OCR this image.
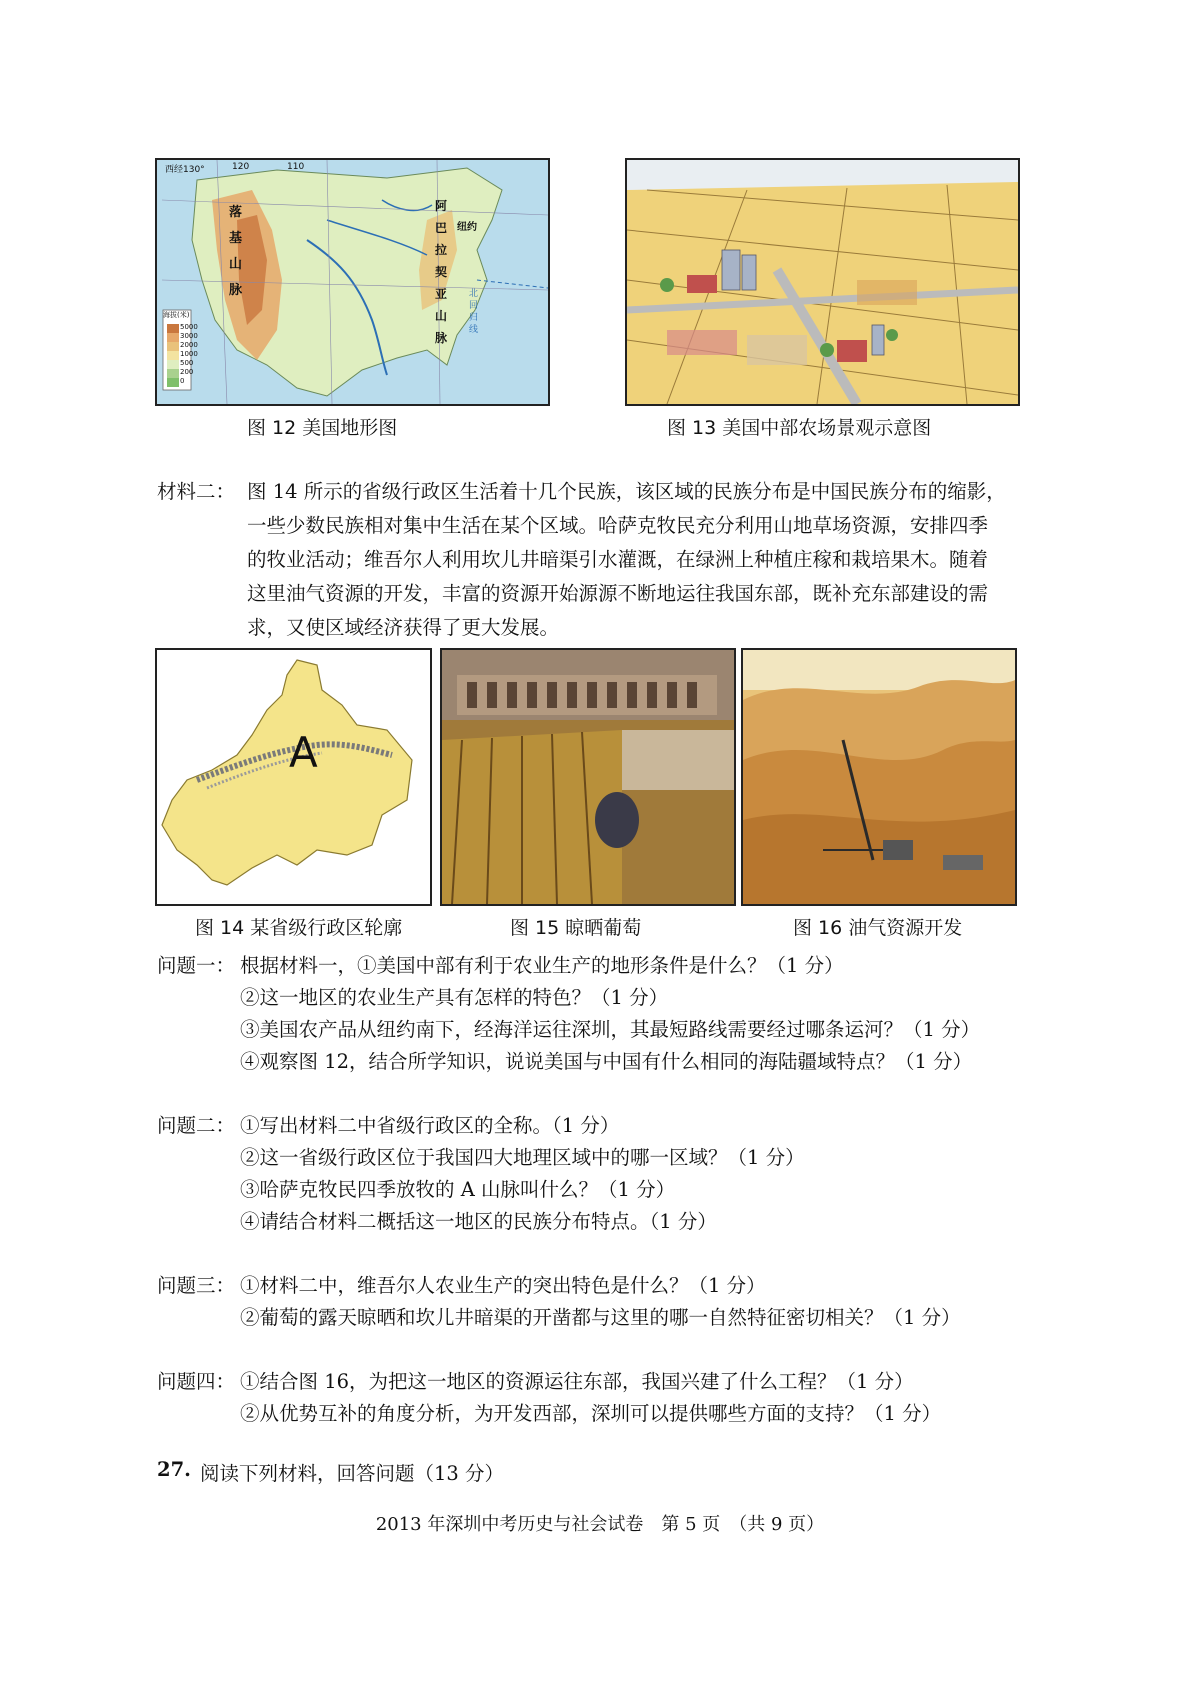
西经130°	120	110
落基山脉
阿巴拉契亚山脉
纽约
北回归线
海拔(米)
5000
3000
2000
1000
500
200
0
图 12 美国地形图	图 13 美国中部农场景观示意图
材料二： 图 14 所示的省级行政区生活着十几个民族，该区域的民族分布是中国民族分布的缩影，
一些少数民族相对集中生活在某个区域。哈萨克牧民充分利用山地草场资源，安排四季
的牧业活动；维吾尔人利用坎儿井暗渠引水灌溉，在绿洲上种植庄稼和栽培果木。随着
这里油气资源的开发，丰富的资源开始源源不断地运往我国东部，既补充东部建设的需
求，又使区域经济获得了更大发展。
A
图 14 某省级行政区轮廓	图 15 晾晒葡萄	图 16 油气资源开发
问题一： 根据材料一，①美国中部有利于农业生产的地形条件是什么？（1 分）
②这一地区的农业生产具有怎样的特色？（1 分）
③美国农产品从纽约南下，经海洋运往深圳，其最短路线需要经过哪条运河？（1 分）
④观察图 12，结合所学知识，说说美国与中国有什么相同的海陆疆域特点？（1 分）
问题二： ①写出材料二中省级行政区的全称。（1 分）
②这一省级行政区位于我国四大地理区域中的哪一区域？（1 分）
③哈萨克牧民四季放牧的 A 山脉叫什么？（1 分）
④请结合材料二概括这一地区的民族分布特点。（1 分）
问题三： ①材料二中，维吾尔人农业生产的突出特色是什么？（1 分）
②葡萄的露天晾晒和坎儿井暗渠的开凿都与这里的哪一自然特征密切相关？（1 分）
问题四： ①结合图 16，为把这一地区的资源运往东部，我国兴建了什么工程？（1 分）
②从优势互补的角度分析，为开发西部，深圳可以提供哪些方面的支持？（1 分）
27. 阅读下列材料，回答问题（13 分）
2013 年深圳中考历史与社会试卷　第 5 页　（共 9 页）
